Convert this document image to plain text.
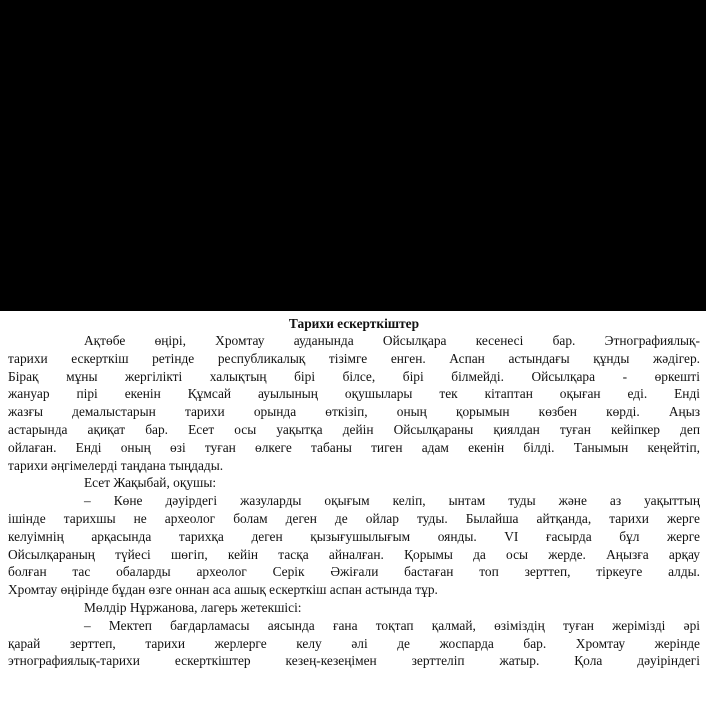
Тарихи ескерткіштер
Ақтөбе өңірі, Хромтау ауданында Ойсылқара кесенесі бар. Этнографиялық-
тарихи ескерткіш ретінде республикалық тізімге енген. Аспан астындағы құнды жәдігер.
Бірақ мұны жергілікті халықтың бірі білсе, бірі білмейді. Ойсылқара - өркешті
жануар пірі екенін Құмсай ауылының оқушылары тек кітаптан оқыған еді. Енді
жазғы демалыстарын тарихи орында өткізіп, оның қорымын көзбен көрді. Аңыз
астарында ақиқат бар. Есет осы уақытқа дейін Ойсылқараны қиялдан туған кейіпкер деп
ойлаған. Енді оның өзі туған өлкеге табаны тиген адам екенін білді. Танымын кеңейтіп,
тарихи әңгімелерді таңдана тыңдады.
Есет Жақыбай, оқушы:
– Көне дәуірдегі жазуларды оқығым келіп, ынтам туды және аз уақыттың
ішінде тарихшы не археолог болам деген де ойлар туды. Былайша айтқанда, тарихи жерге
келуімнің арқасында тарихқа деген қызығушылығым оянды. VI ғасырда бұл жерге
Ойсылқараның түйесі шөгіп, кейін тасқа айналған. Қорымы да осы жерде. Аңызға арқау
болған тас обаларды археолог Серік Әжіғали бастаған топ зерттеп, тіркеуге алды.
Хромтау өңірінде бұдан өзге оннан аса ашық ескерткіш аспан астында тұр.
Мөлдір Нұржанова, лагерь жетекшісі:
– Мектеп бағдарламасы аясында ғана тоқтап қалмай, өзіміздің туған жерімізді әрі
қарай зерттеп, тарихи жерлерге келу әлі де жоспарда бар. Хромтау жерінде
этнографиялық-тарихи ескерткіштер кезең-кезеңімен зерттеліп жатыр. Қола дәуіріндегі
